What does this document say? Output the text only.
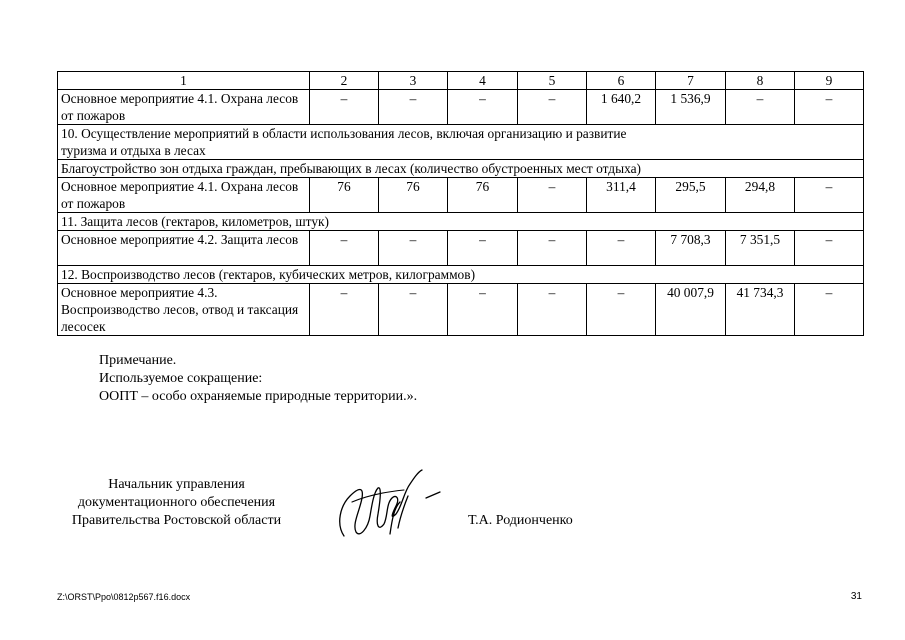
1	2	3	4	5	6	7	8	9
Основное мероприятие 4.1. Охрана лесов от пожаров	–	–	–	–	1 640,2	1 536,9	–	–

10. Осуществление мероприятий в области использования лесов, включая организацию и развитие туризма и отдыха в лесах								

Благоустройство зон отдыха граждан, пребывающих в лесах (количество обустроенных мест отдыха)								
Основное мероприятие 4.1. Охрана лесов от пожаров	76	76	76	–	311,4	295,5	294,8	–
11. Защита лесов (гектаров, километров, штук)								
Основное мероприятие 4.2. Защита лесов	–	–	–	–	–	7 708,3	7 351,5	–
12. Воспроизводство лесов (гектаров, кубических метров, килограммов)								
Основное мероприятие 4.3. Воспроизводство лесов, отвод и таксация лесосек	–	–	–	–	–	40 007,9	41 734,3	–
Примечание.
Используемое сокращение:
ООПТ – особо охраняемые природные территории.».
Начальник управления
документационного обеспечения
Правительства Ростовской области	Т.А. Родионченко
Z:\ORST\Ppo\0812p567.f16.docx	31
